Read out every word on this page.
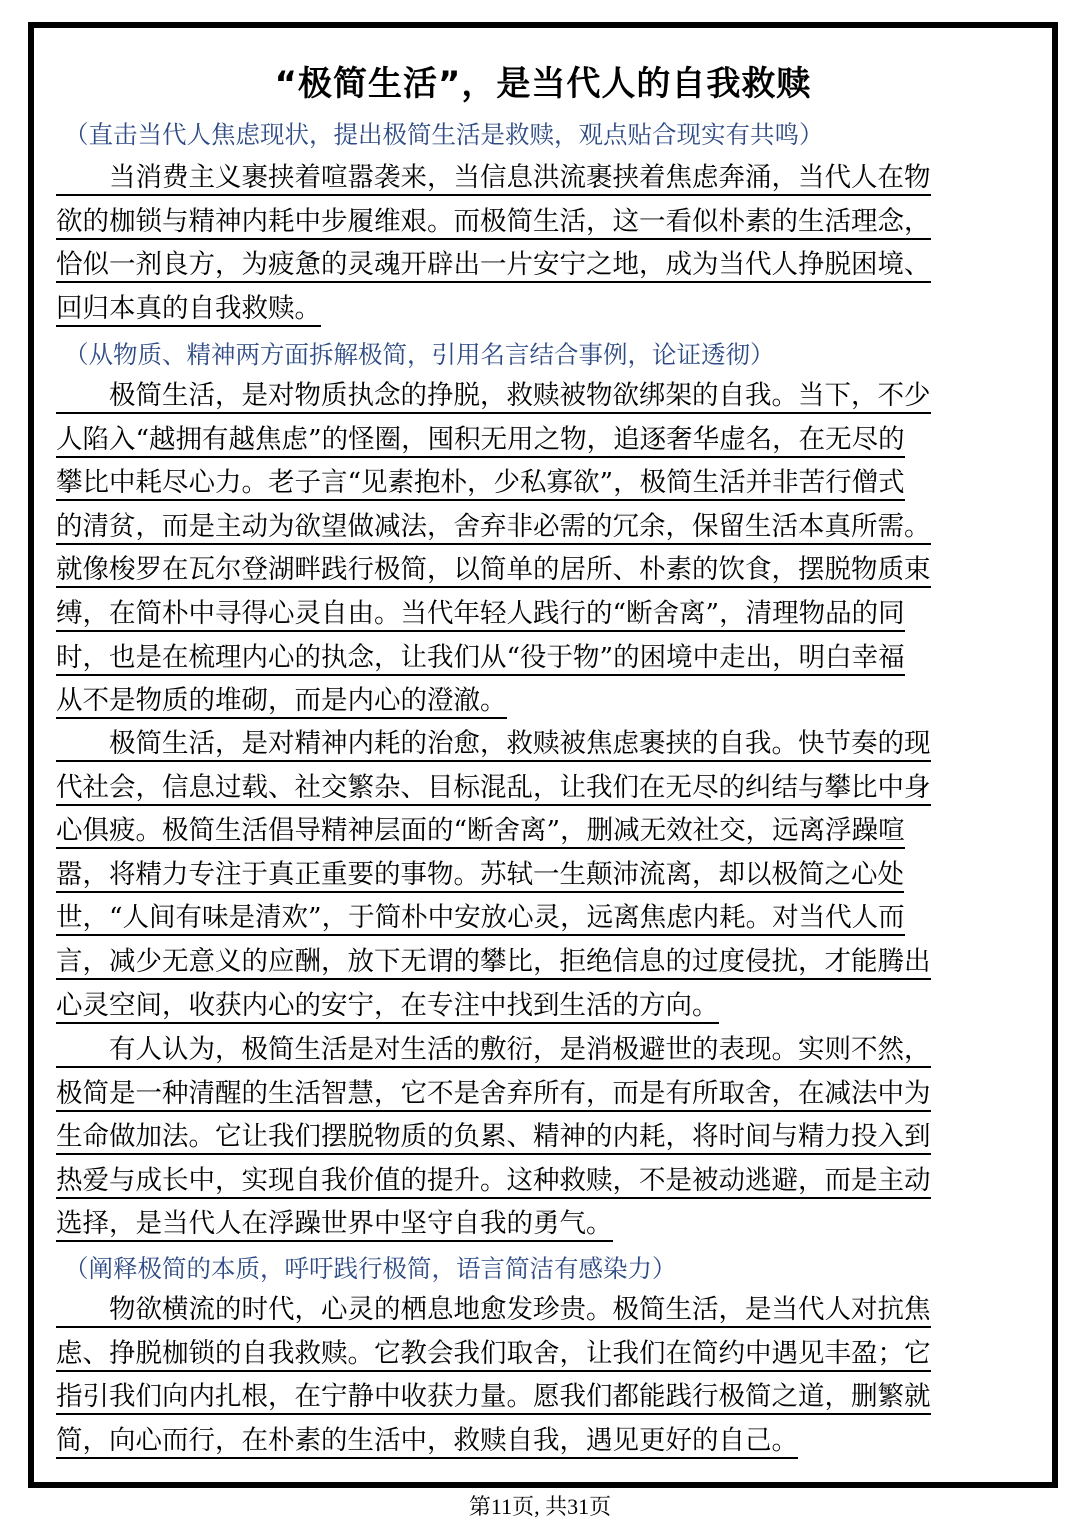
“极简生活”，是当代人的自我救赎
（直击当代人焦虑现状，提出极简生活是救赎，观点贴合现实有共鸣）
　　当消费主义裹挟着喧嚣袭来，当信息洪流裹挟着焦虑奔涌，当代人在物
欲的枷锁与精神内耗中步履维艰。而极简生活，这一看似朴素的生活理念，
恰似一剂良方，为疲惫的灵魂开辟出一片安宁之地，成为当代人挣脱困境、
回归本真的自我救赎。
（从物质、精神两方面拆解极简，引用名言结合事例，论证透彻）
　　极简生活，是对物质执念的挣脱，救赎被物欲绑架的自我。当下，不少
人陷入“越拥有越焦虑”的怪圈，囤积无用之物，追逐奢华虚名，在无尽的
攀比中耗尽心力。老子言“见素抱朴，少私寡欲”，极简生活并非苦行僧式
的清贫，而是主动为欲望做减法，舍弃非必需的冗余，保留生活本真所需。
就像梭罗在瓦尔登湖畔践行极简，以简单的居所、朴素的饮食，摆脱物质束
缚，在简朴中寻得心灵自由。当代年轻人践行的“断舍离”，清理物品的同
时，也是在梳理内心的执念，让我们从“役于物”的困境中走出，明白幸福
从不是物质的堆砌，而是内心的澄澈。
　　极简生活，是对精神内耗的治愈，救赎被焦虑裹挟的自我。快节奏的现
代社会，信息过载、社交繁杂、目标混乱，让我们在无尽的纠结与攀比中身
心俱疲。极简生活倡导精神层面的“断舍离”，删减无效社交，远离浮躁喧
嚣，将精力专注于真正重要的事物。苏轼一生颠沛流离，却以极简之心处
世，“人间有味是清欢”，于简朴中安放心灵，远离焦虑内耗。对当代人而
言，减少无意义的应酬，放下无谓的攀比，拒绝信息的过度侵扰，才能腾出
心灵空间，收获内心的安宁，在专注中找到生活的方向。
　　有人认为，极简生活是对生活的敷衍，是消极避世的表现。实则不然，
极简是一种清醒的生活智慧，它不是舍弃所有，而是有所取舍，在减法中为
生命做加法。它让我们摆脱物质的负累、精神的内耗，将时间与精力投入到
热爱与成长中，实现自我价值的提升。这种救赎，不是被动逃避，而是主动
选择，是当代人在浮躁世界中坚守自我的勇气。
（阐释极简的本质，呼吁践行极简，语言简洁有感染力）
　　物欲横流的时代，心灵的栖息地愈发珍贵。极简生活，是当代人对抗焦
虑、挣脱枷锁的自我救赎。它教会我们取舍，让我们在简约中遇见丰盈；它
指引我们向内扎根，在宁静中收获力量。愿我们都能践行极简之道，删繁就
简，向心而行，在朴素的生活中，救赎自我，遇见更好的自己。
第11页, 共31页
